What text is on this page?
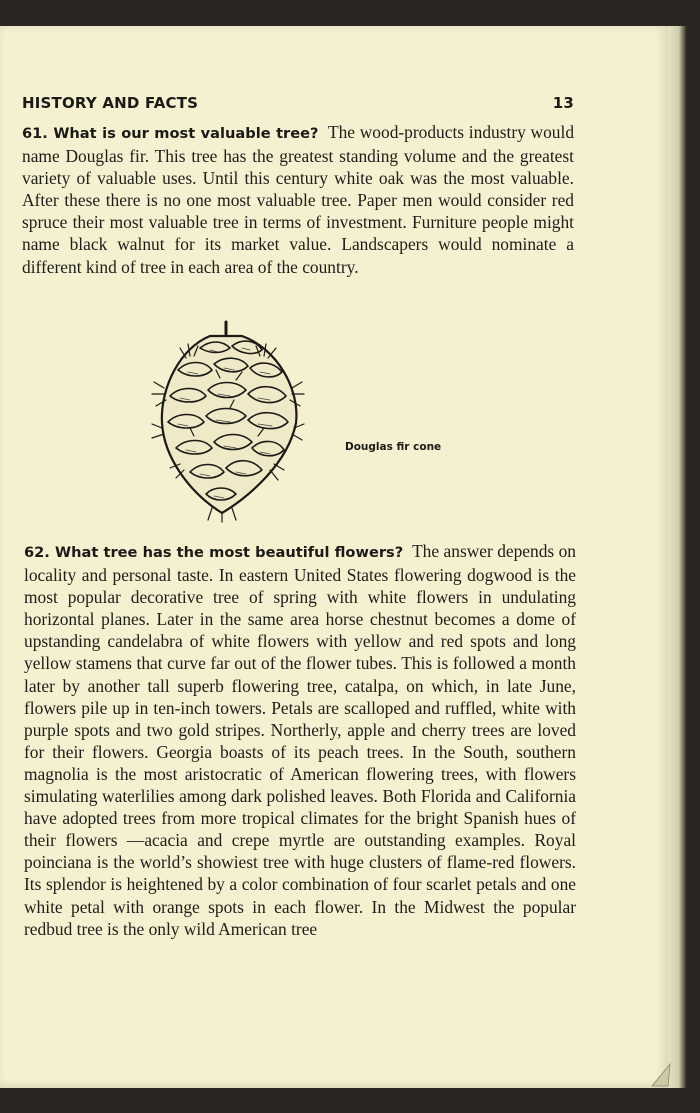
HISTORY AND FACTS	13

61. What is our most valuable tree? The wood-products industry would name Douglas fir. This tree has the greatest standing volume and the greatest variety of valuable uses. Until this century white oak was the most valuable. After these there is no one most valuable tree. Paper men would consider red spruce their most valuable tree in terms of investment. Furniture people might name black walnut for its market value. Landscapers would nominate a different kind of tree in each area of the country.

Douglas fir cone

62. What tree has the most beautiful flowers? The answer depends on locality and personal taste. In eastern United States flowering dogwood is the most popular decorative tree of spring with white flowers in undulating horizontal planes. Later in the same area horse chestnut becomes a dome of upstanding candelabra of white flowers with yellow and red spots and long yellow stamens that curve far out of the flower tubes. This is followed a month later by another tall superb flowering tree, catalpa, on which, in late June, flowers pile up in ten-inch towers. Petals are scalloped and ruffled, white with purple spots and two gold stripes. Northerly, apple and cherry trees are loved for their flowers. Georgia boasts of its peach trees. In the South, southern magnolia is the most aristocratic of American flowering trees, with flowers simulating waterlilies among dark polished leaves. Both Florida and California have adopted trees from more tropical climates for the bright Spanish hues of their flowers —acacia and crepe myrtle are outstanding examples. Royal poinciana is the world’s showiest tree with huge clusters of flame-red flowers. Its splendor is heightened by a color combination of four scarlet petals and one white petal with orange spots in each flower. In the Midwest the popular redbud tree is the only wild American tree
